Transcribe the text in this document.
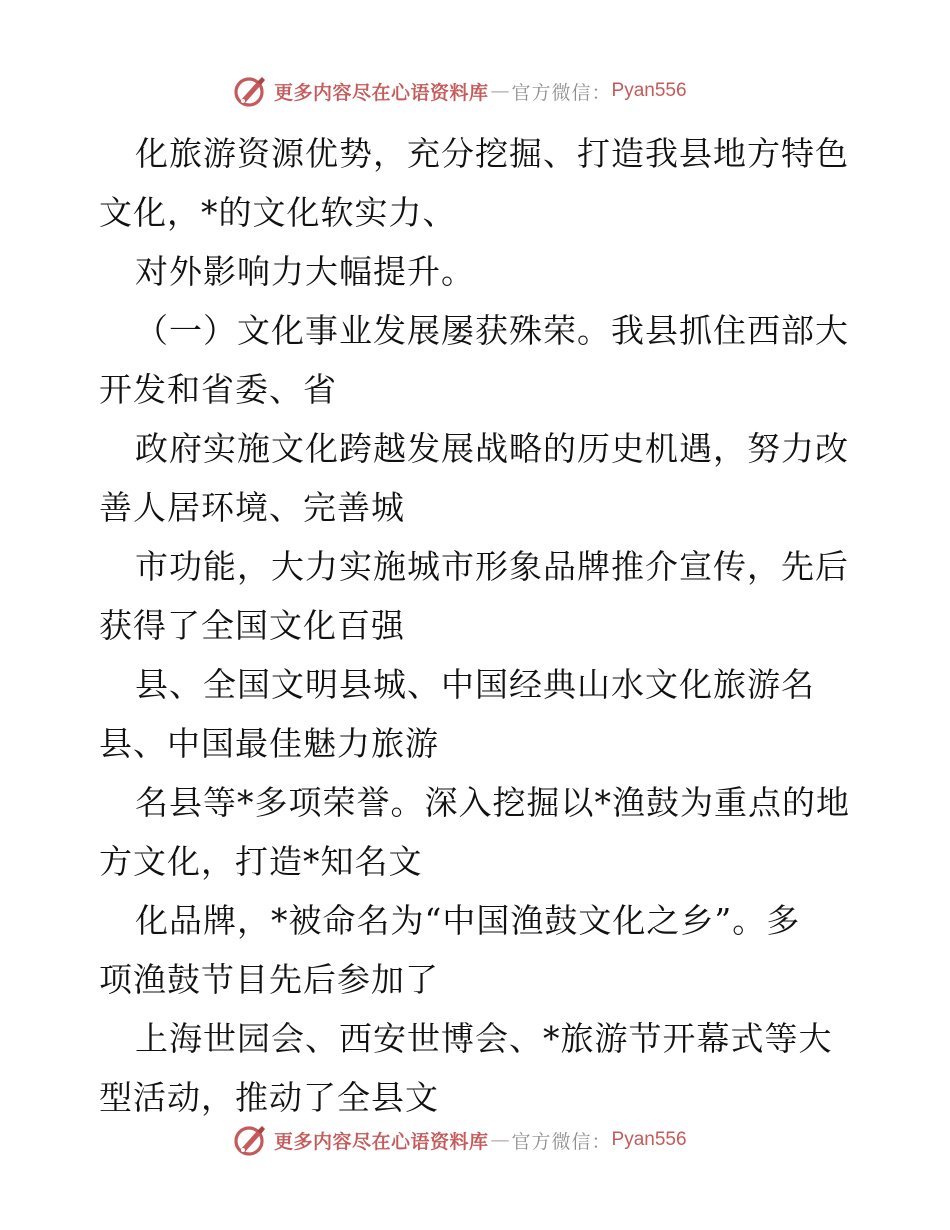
更多内容尽在心语资料库 — 官方微信： Pyan556
化旅游资源优势，充分挖掘、打造我县地方特色
文化，*的文化软实力、
对外影响力大幅提升。
（一）文化事业发展屡获殊荣。我县抓住西部大
开发和省委、省
政府实施文化跨越发展战略的历史机遇，努力改
善人居环境、完善城
市功能，大力实施城市形象品牌推介宣传，先后
获得了全国文化百强
县、全国文明县城、中国经典山水文化旅游名
县、中国最佳魅力旅游
名县等*多项荣誉。深入挖掘以*渔鼓为重点的地
方文化，打造*知名文
化品牌，*被命名为“中国渔鼓文化之乡”。多
项渔鼓节目先后参加了
上海世园会、西安世博会、*旅游节开幕式等大
型活动，推动了全县文
更多内容尽在心语资料库 — 官方微信： Pyan556
